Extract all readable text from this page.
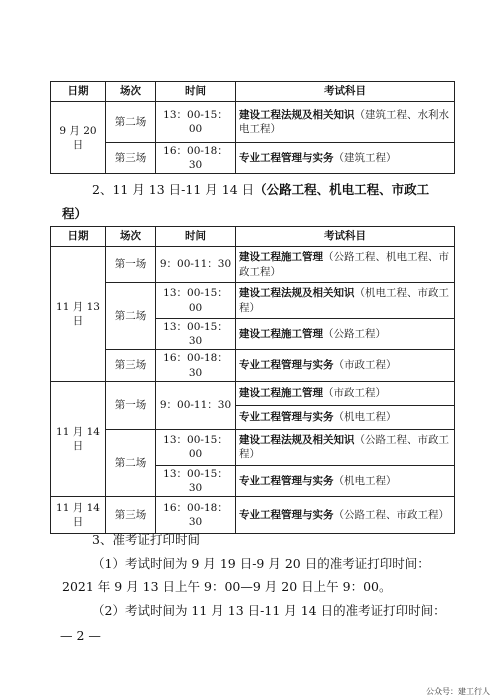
日期	场次	时间	考试科目
9 月 20 日	第二场	13：00-15：00	建设工程法规及相关知识（建筑工程、水利水电工程）
	第三场	16：00-18：30	专业工程管理与实务（建筑工程）
2、11 月 13 日-11 月 14 日（公路工程、机电工程、市政工
程）
日期	场次	时间	考试科目
11 月 13 日	第一场	9：00-11：30	建设工程施工管理（公路工程、机电工程、市政工程）
	第二场	13：00-15：00	建设工程法规及相关知识（机电工程、市政工程）
		13：00-15：30	建设工程施工管理（公路工程）
	第三场	16：00-18：30	专业工程管理与实务（市政工程）
11 月 14 日	第一场	9：00-11：30	建设工程施工管理（市政工程）
			专业工程管理与实务（机电工程）
	第二场	13：00-15：00	建设工程法规及相关知识（公路工程、市政工程）
		13：00-15：30	专业工程管理与实务（机电工程）
11 月 14 日	第三场	16：00-18：30	专业工程管理与实务（公路工程、市政工程）
3、准考证打印时间
（1）考试时间为 9 月 19 日-9 月 20 日的准考证打印时间：
2021 年 9 月 13 日上午 9：00—9 月 20 日上午 9：00。
（2）考试时间为 11 月 13 日-11 月 14 日的准考证打印时间：
— 2 —
公众号：建工行人
